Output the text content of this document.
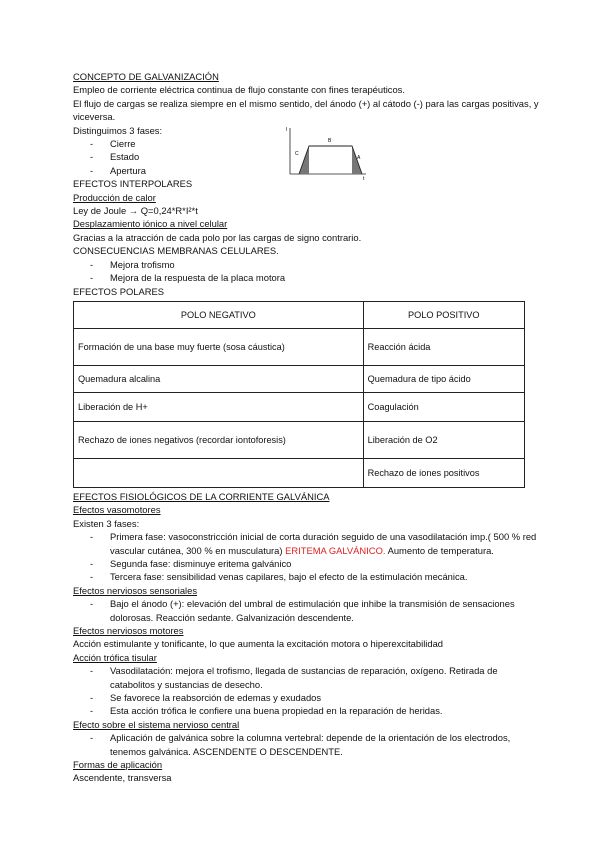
I
t
B
C
A
CONCEPTO DE GALVANIZACIÓN
Empleo de corriente eléctrica continua de flujo constante con fines terapéuticos.
El flujo de cargas se realiza siempre en el mismo sentido, del ánodo (+) al cátodo (-) para las cargas positivas, y viceversa.
Distinguimos 3 fases:
- Cierre
- Estado
- Apertura
EFECTOS INTERPOLARES
Producción de calor
Ley de Joule → Q=0,24*R*I²*t
Desplazamiento iónico a nivel celular
Gracias a la atracción de cada polo por las cargas de signo contrario.
CONSECUENCIAS MEMBRANAS CELULARES.
- Mejora trofismo
- Mejora de la respuesta de la placa motora
EFECTOS POLARES
POLO NEGATIVO	POLO POSITIVO
Formación de una base muy fuerte (sosa cáustica)	Reacción ácida
Quemadura alcalina	Quemadura de tipo ácido
Liberación de H+	Coagulación
Rechazo de iones negativos (recordar iontoforesis)	Liberación de O2
	Rechazo de iones positivos
EFECTOS FISIOLÓGICOS DE LA CORRIENTE GALVÁNICA
Efectos vasomotores
Existen 3 fases:
- Primera fase: vasoconstricción inicial de corta duración seguido de una vasodilatación imp.( 500 % red vascular cutánea, 300 % en musculatura) ERITEMA GALVÁNICO. Aumento de temperatura.
- Segunda fase: disminuye eritema galvánico
- Tercera fase: sensibilidad venas capilares, bajo el efecto de la estimulación mecánica.
Efectos nerviosos sensoriales
- Bajo el ánodo (+): elevación del umbral de estimulación que inhibe la transmisión de sensaciones dolorosas. Reacción sedante. Galvanización descendente.
Efectos nerviosos motores
Acción estimulante y tonificante, lo que aumenta la excitación motora o hiperexcitabilidad
Acción trófica tisular
- Vasodilatación: mejora el trofismo, llegada de sustancias de reparación, oxígeno. Retirada de catabolitos y sustancias de desecho.
- Se favorece la reabsorción de edemas y exudados
- Esta acción trófica le confiere una buena propiedad en la reparación de heridas.
Efecto sobre el sistema nervioso central
- Aplicación de galvánica sobre la columna vertebral: depende de la orientación de los electrodos, tenemos galvánica. ASCENDENTE O DESCENDENTE.
Formas de aplicación
Ascendente, transversa
